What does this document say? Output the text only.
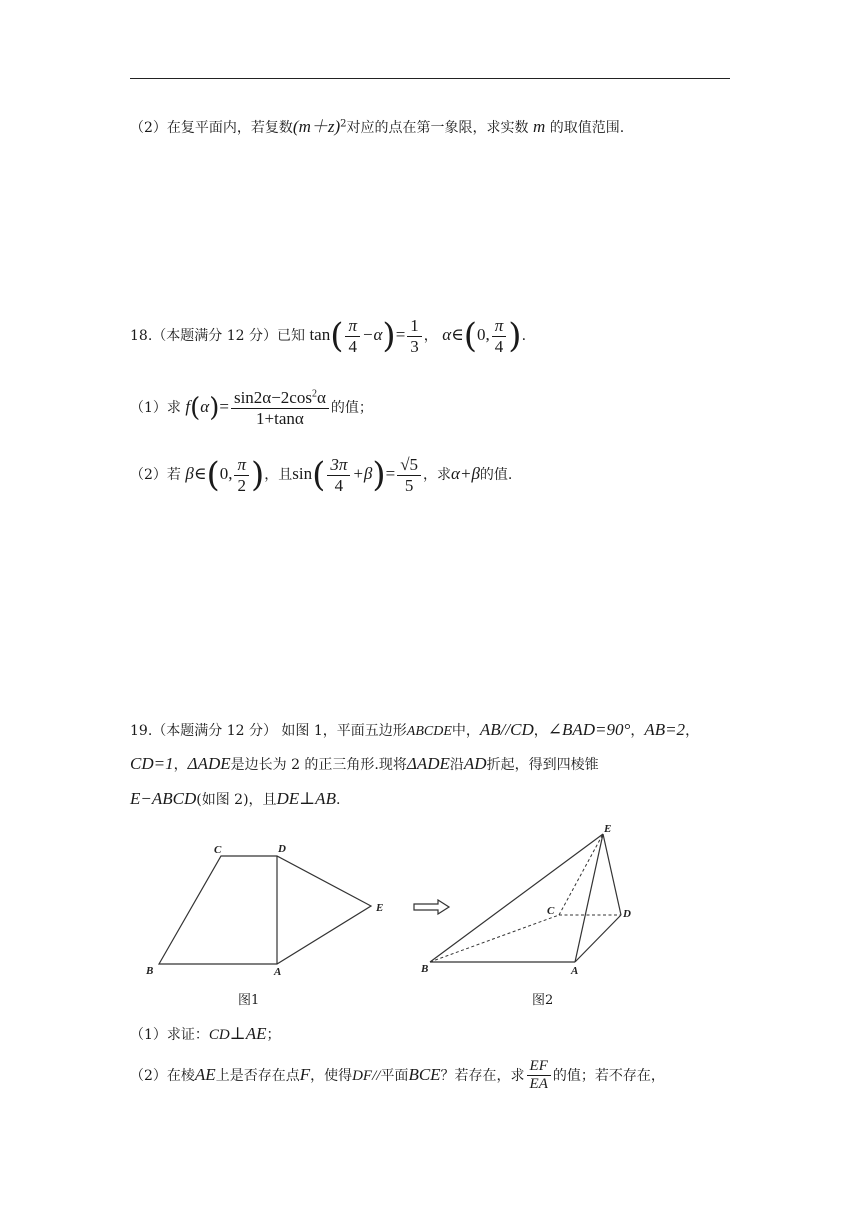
（2）在复平面内，若复数$(m+z)^2$对应的点在第一象限，求实数 m 的取值范围.
18.（本题满分 12 分）已知 $\tan( \frac{\pi}{4} -\alpha)= \frac{1}{3}$ ， α∈(0, $\frac{\pi}{4}$ ).
（1）求 $f(\alpha)= \frac{\sin 2\alpha-2\cos^2\alpha}{1+\tan\alpha}$ 的值；
（2）若 β∈(0, $\frac{\pi}{2}$ )，且$\sin( \frac{3\pi}{4} +\beta)= \frac{√5}{5}$ ，求α+β的值.
19.（本题满分 12 分） 如图 1，平面五边形ABCDE中，AB//CD，∠BAD=90°，AB=2，
CD=1，ΔADE是边长为 2 的正三角形.现将ΔADE沿AD折起，得到四棱锥
E−ABCD(如图 2)，且DE⊥AB.
C	D
E
B	A
图1
E
C	D
B	A
图2
（1）求证：CD⊥AE；
（2）在棱AE上是否存在点F，使得DF//平面BCE？若存在，求 $\frac{EF}{EA}$ 的值；若不存在，
